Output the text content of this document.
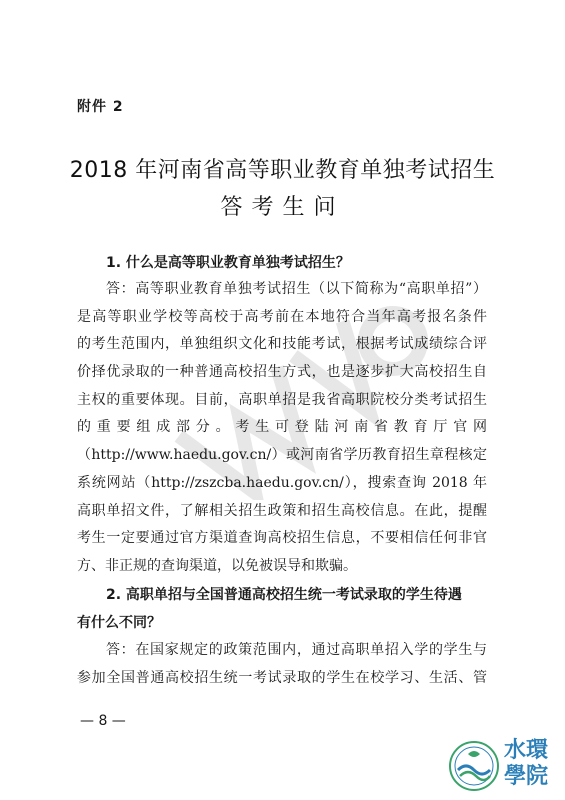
附件 2
2018 年河南省高等职业教育单独考试招生
答考生问
1. 什么是高等职业教育单独考试招生？
答：高等职业教育单独考试招生（以下简称为“高职单招”）
是高等职业学校等高校于高考前在本地符合当年高考报名条件
的考生范围内，单独组织文化和技能考试，根据考试成绩综合评
价择优录取的一种普通高校招生方式，也是逐步扩大高校招生自
主权的重要体现。目前，高职单招是我省高职院校分类考试招生
的重要组成部分。考生可登陆河南省教育厅官网
（http://www.haedu.gov.cn/）或河南省学历教育招生章程核定
系统网站（http://zszcba.haedu.gov.cn/），搜索查询 2018 年
高职单招文件，了解相关招生政策和招生高校信息。在此，提醒
考生一定要通过官方渠道查询高校招生信息，不要相信任何非官
方、非正规的查询渠道，以免被误导和欺骗。
2. 高职单招与全国普通高校招生统一考试录取的学生待遇
有什么不同？
答：在国家规定的政策范围内，通过高职单招入学的学生与
参加全国普通高校招生统一考试录取的学生在校学习、生活、管
— 8 —
水環
學院
